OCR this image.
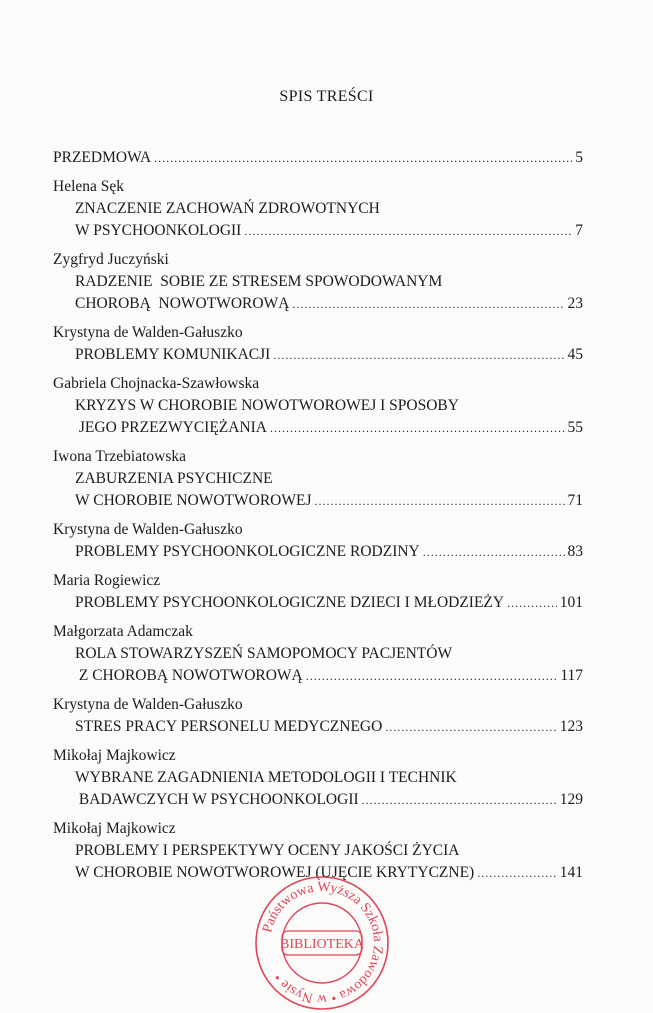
SPIS TREŚCI
PRZEDMOWA .....	5
Helena Sęk
ZNACZENIE ZACHOWAŃ ZDROWOTNYCH
W PSYCHOONKOLOGII .....	7
Zygfryd Juczyński
RADZENIE  SOBIE ZE STRESEM SPOWODOWANYM
CHOROBĄ  NOWOTWOROWĄ .....	23
Krystyna de Walden-Gałuszko
PROBLEMY KOMUNIKACJI .....	45
Gabriela Chojnacka-Szawłowska
KRYZYS W CHOROBIE NOWOTWOROWEJ I SPOSOBY
JEGO PRZEZWYCIĘŻANIA .....	55
Iwona Trzebiatowska
ZABURZENIA PSYCHICZNE
W CHOROBIE NOWOTWOROWEJ .....	71
Krystyna de Walden-Gałuszko
PROBLEMY PSYCHOONKOLOGICZNE RODZINY .....	83
Maria Rogiewicz
PROBLEMY PSYCHOONKOLOGICZNE DZIECI I MŁODZIEŻY .....	101
Małgorzata Adamczak
ROLA STOWARZYSZEŃ SAMOPOMOCY PACJENTÓW
Z CHOROBĄ NOWOTWOROWĄ .....	117
Krystyna de Walden-Gałuszko
STRES PRACY PERSONELU MEDYCZNEGO .....	123
Mikołaj Majkowicz
WYBRANE ZAGADNIENIA METODOLOGII I TECHNIK
BADAWCZYCH W PSYCHOONKOLOGII .....	129
Mikołaj Majkowicz
PROBLEMY I PERSPEKTYWY OCENY JAKOŚCI ŻYCIA
W CHOROBIE NOWOTWOROWEJ (UJĘCIE KRYTYCZNE) .....	141
Państwowa Wyższa Szkoła Zawodowa • w Nysie •
BIBLIOTEKA
